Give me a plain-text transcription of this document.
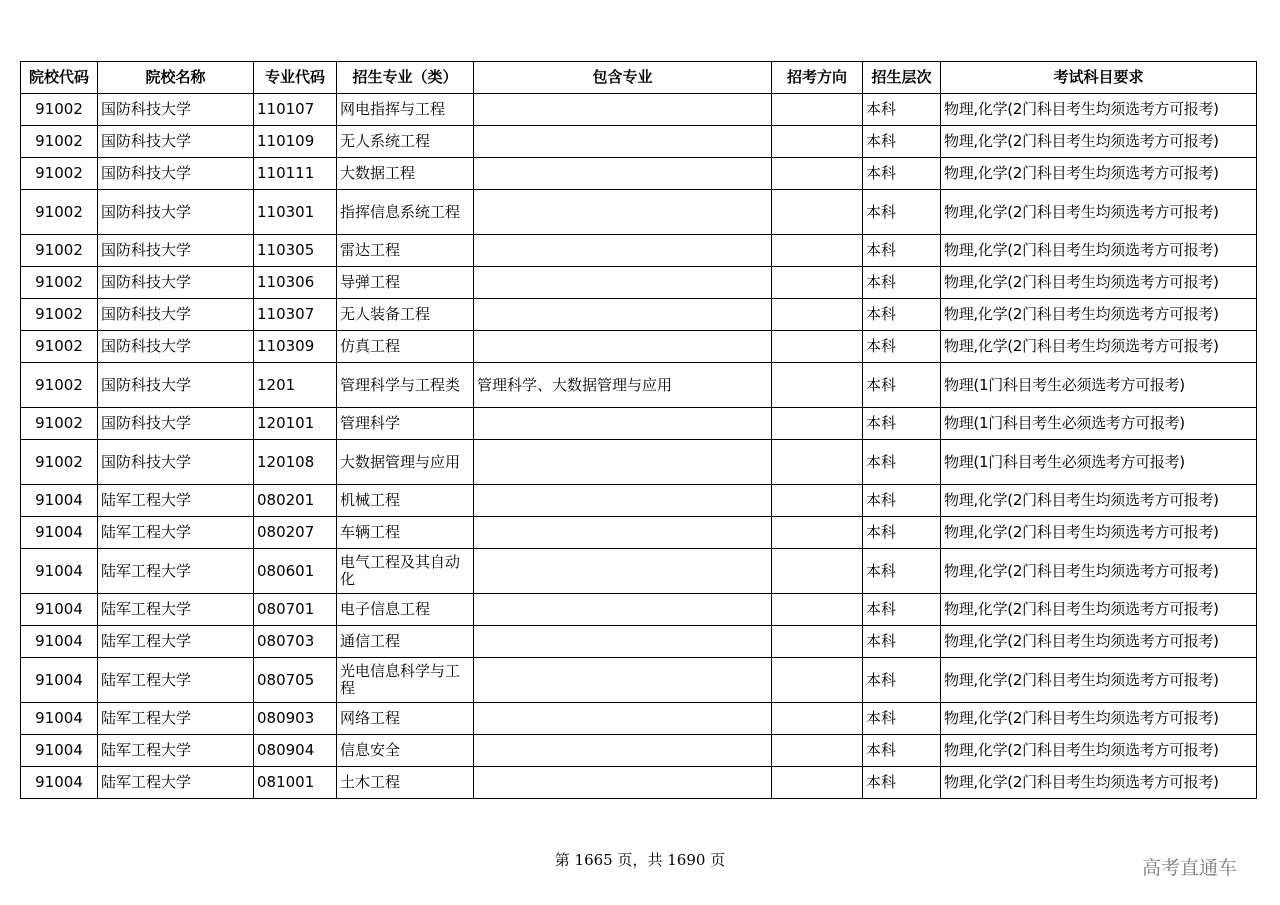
院校代码	院校名称	专业代码	招生专业（类）	包含专业	招考方向	招生层次	考试科目要求
91002	国防科技大学	110107	网电指挥与工程			本科	物理,化学(2门科目考生均须选考方可报考)
91002	国防科技大学	110109	无人系统工程			本科	物理,化学(2门科目考生均须选考方可报考)
91002	国防科技大学	110111	大数据工程			本科	物理,化学(2门科目考生均须选考方可报考)
91002	国防科技大学	110301	指挥信息系统工程			本科	物理,化学(2门科目考生均须选考方可报考)
91002	国防科技大学	110305	雷达工程			本科	物理,化学(2门科目考生均须选考方可报考)
91002	国防科技大学	110306	导弹工程			本科	物理,化学(2门科目考生均须选考方可报考)
91002	国防科技大学	110307	无人装备工程			本科	物理,化学(2门科目考生均须选考方可报考)
91002	国防科技大学	110309	仿真工程			本科	物理,化学(2门科目考生均须选考方可报考)
91002	国防科技大学	1201	管理科学与工程类	管理科学、大数据管理与应用		本科	物理(1门科目考生必须选考方可报考)
91002	国防科技大学	120101	管理科学			本科	物理(1门科目考生必须选考方可报考)
91002	国防科技大学	120108	大数据管理与应用			本科	物理(1门科目考生必须选考方可报考)
91004	陆军工程大学	080201	机械工程			本科	物理,化学(2门科目考生均须选考方可报考)
91004	陆军工程大学	080207	车辆工程			本科	物理,化学(2门科目考生均须选考方可报考)
91004	陆军工程大学	080601	电气工程及其自动化			本科	物理,化学(2门科目考生均须选考方可报考)
91004	陆军工程大学	080701	电子信息工程			本科	物理,化学(2门科目考生均须选考方可报考)
91004	陆军工程大学	080703	通信工程			本科	物理,化学(2门科目考生均须选考方可报考)
91004	陆军工程大学	080705	光电信息科学与工程			本科	物理,化学(2门科目考生均须选考方可报考)
91004	陆军工程大学	080903	网络工程			本科	物理,化学(2门科目考生均须选考方可报考)
91004	陆军工程大学	080904	信息安全			本科	物理,化学(2门科目考生均须选考方可报考)
91004	陆军工程大学	081001	土木工程			本科	物理,化学(2门科目考生均须选考方可报考)
第 1665 页，共 1690 页	高考直通车
